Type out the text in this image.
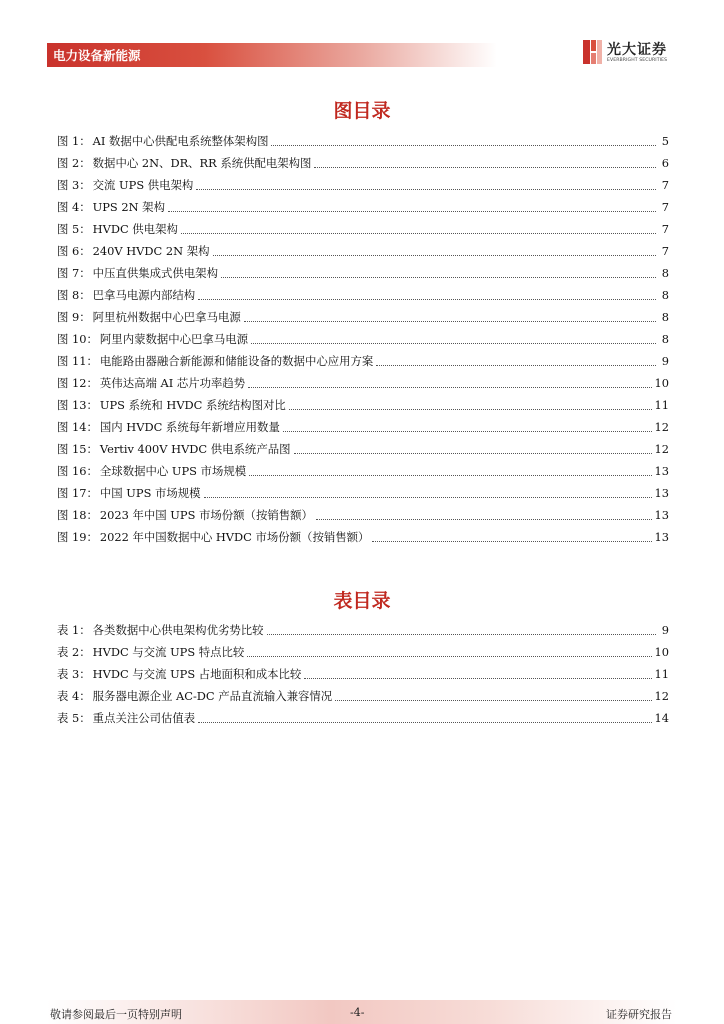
电力设备新能源	光大证券
EVERBRIGHT SECURITIES
图目录
图 1： AI 数据中心供配电系统整体架构图	5
图 2： 数据中心 2N、DR、RR 系统供配电架构图	6
图 3： 交流 UPS 供电架构	7
图 4： UPS 2N 架构	7
图 5： HVDC 供电架构	7
图 6： 240V HVDC 2N 架构	7
图 7： 中压直供集成式供电架构	8
图 8： 巴拿马电源内部结构	8
图 9： 阿里杭州数据中心巴拿马电源	8
图 10： 阿里内蒙数据中心巴拿马电源	8
图 11： 电能路由器融合新能源和储能设备的数据中心应用方案	9
图 12： 英伟达高端 AI 芯片功率趋势	10
图 13： UPS 系统和 HVDC 系统结构图对比	11
图 14： 国内 HVDC 系统每年新增应用数量	12
图 15： Vertiv 400V HVDC 供电系统产品图	12
图 16： 全球数据中心 UPS 市场规模	13
图 17： 中国 UPS 市场规模	13
图 18： 2023 年中国 UPS 市场份额（按销售额）	13
图 19： 2022 年中国数据中心 HVDC 市场份额（按销售额）	13
表目录
表 1： 各类数据中心供电架构优劣势比较	9
表 2： HVDC 与交流 UPS 特点比较	10
表 3： HVDC 与交流 UPS 占地面积和成本比较	11
表 4： 服务器电源企业 AC-DC 产品直流输入兼容情况	12
表 5： 重点关注公司估值表	14
敬请参阅最后一页特别声明	-4-	证券研究报告
